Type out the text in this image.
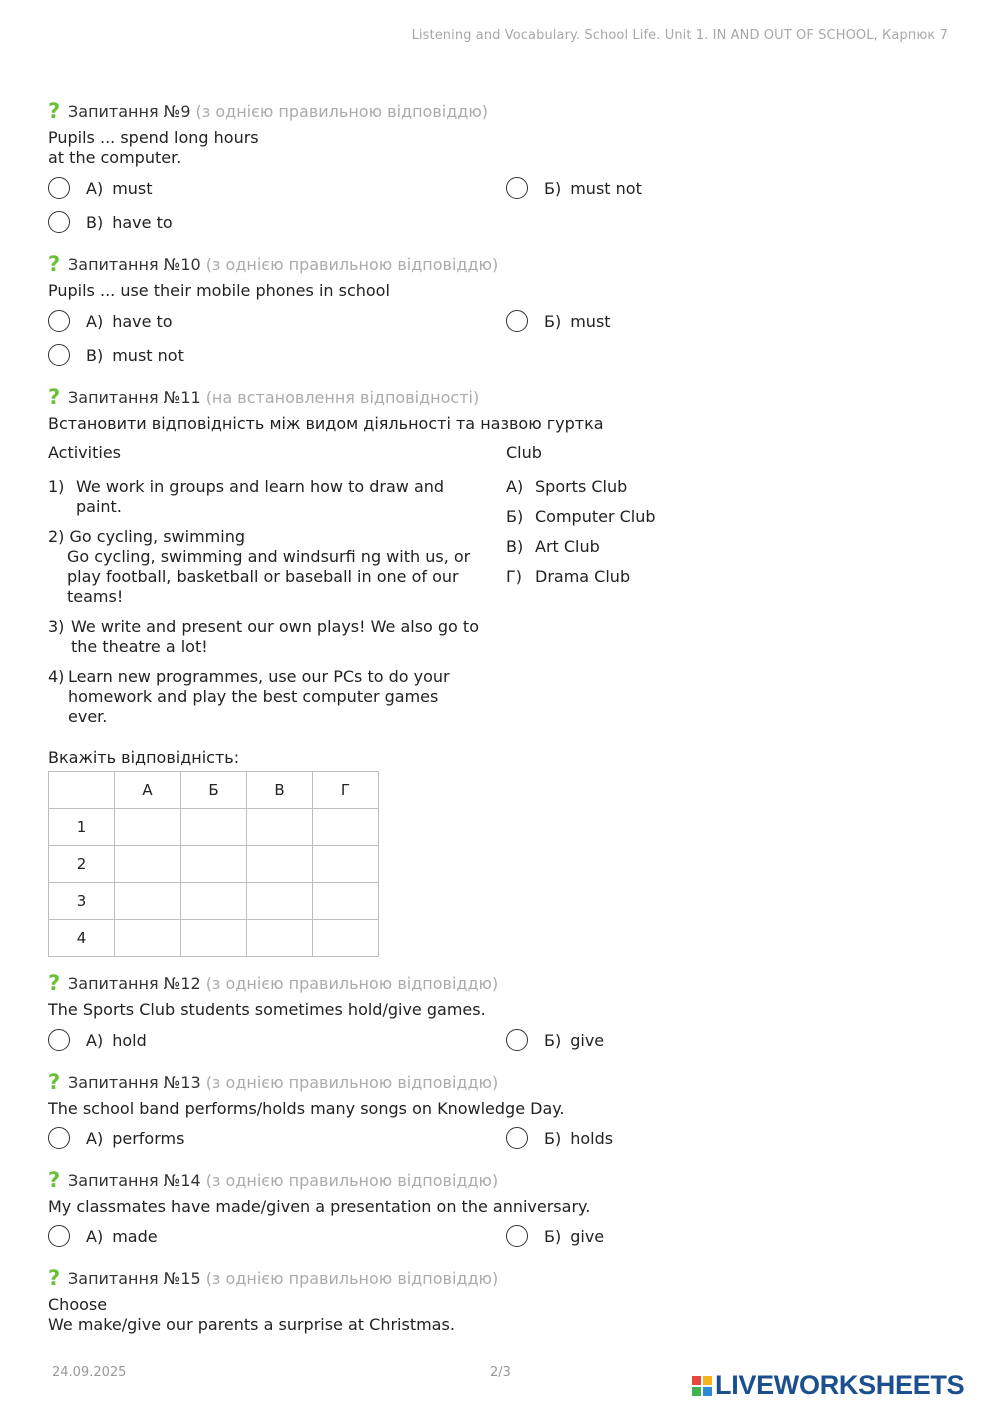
Listening and Vocabulary. School Life. Unit 1. IN AND OUT OF SCHOOL, Карпюк 7
? Запитання №9 (з однією правильною відповіддю)
Pupils ... spend long hours
at the computer.
А) must	Б) must not
В) have to
? Запитання №10 (з однією правильною відповіддю)
Pupils ... use their mobile phones in school
А) have to	Б) must
В) must not
? Запитання №11 (на встановлення відповідності)
Встановити відповідність між видом діяльності та назвою гуртка
Activities	Club
1) We work in groups and learn how to draw and paint.
2) Go cycling, swimming
Go cycling, swimming and windsurfi ng with us, or play football, basketball or baseball in one of our teams!
3) We write and present our own plays! We also go to the theatre a lot!
4) Learn new programmes, use our PCs to do your homework and play the best computer games ever.
А) Sports Club
Б) Computer Club
В) Art Club
Г) Drama Club
Вкажіть відповідність:
	А	Б	В	Г
1				
2				
3				
4				
? Запитання №12 (з однією правильною відповіддю)
The Sports Club students sometimes hold/give games.
А) hold	Б) give
? Запитання №13 (з однією правильною відповіддю)
The school band performs/holds many songs on Knowledge Day.
А) performs	Б) holds
? Запитання №14 (з однією правильною відповіддю)
My classmates have made/given a presentation on the anniversary.
А) made	Б) give
? Запитання №15 (з однією правильною відповіддю)
Choose
We make/give our parents a surprise at Christmas.
24.09.2025	2/3	LIVEWORKSHEETS
